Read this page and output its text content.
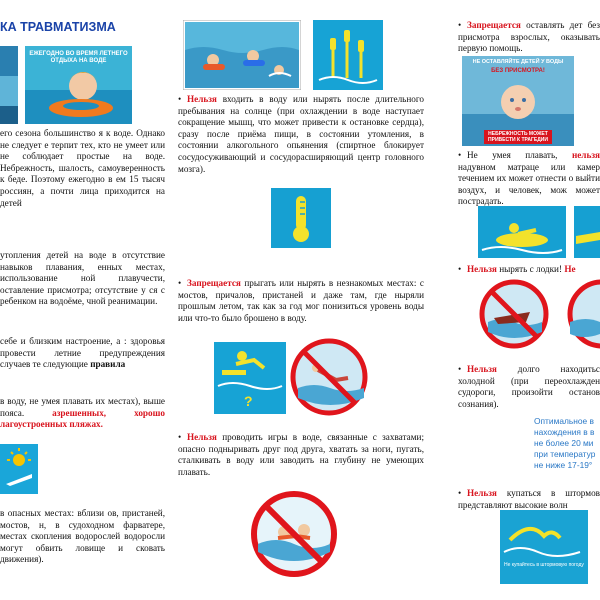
КА ТРАВМАТИЗМА
ЕЖЕГОДНО ВО ВРЕМЯ ЛЕТНЕГО ОТДЫХА НА ВОДЕ

его сезона большинство я к воде. Однако не следует е терпит тех, кто не умеет или не соблюдает простые на воде. Небрежность, шалость, самоуверенность к беде. Поэтому ежегодно в ем 15 тысяч россиян, а почти лица приходится на детей

утопления детей на воде в отсутствие навыков плавания, енных местах, использование ной плавучести, оставление присмотра; отсутствие у ся с ребенком на водоёме, чной реанимации.

себе и близким настроение, а : здоровья провести летние предупреждения случаев те следующие правила

в воду, не умея плавать их местах), выше пояса.	азрешенных, хорошо лагоустроенных пляжах.

в опасных местах: вблизи ов, пристаней, мостов, н, в судоходном фарватере, местах скопления водорослей водоросли могут обвить ловище и сковать движения).

• Нельзя входить в воду или нырять после длительного пребывания на солнце (при охлаждении в воде наступает сокращение мышц, что может привести к остановке сердца), сразу после приёма пищи, в состоянии утомления, в состоянии алкогольного опьянения (спиртное блокирует сосудосуживающий и сосудорасширяющий центр головного мозга).

• Запрещается прыгать или нырять в незнакомых местах: с мостов, причалов, пристаней и даже там, где ныряли прошлым летом, так как за год мог понизиться уровень воды или что-то было брошено в воду.

?

• Нельзя проводить игры в воде, связанные с захватами; опасно подныривать друг под друга, хватать за ноги, пугать, сталкивать в воду или заводить на глубину не умеющих плавать.

• Запрещается оставлять дет без присмотра взрослых, оказывать первую помощь.

НЕ ОСТАВЛЯЙТЕ ДЕТЕЙ У ВОДЫ
БЕЗ ПРИСМОТРА!
НЕБРЕЖНОСТЬ МОЖЕТ ПРИВЕСТИ К ТРАГЕДИИ

• Не умея плавать, нельзя надувном матраце или камер течением их может отнести о выйти воздух, и человек, мож может пострадать.

• Нельзя нырять с лодки! Не

• Нельзя долго находитьс холодной (при переохлажден судороги, произойти останов сознания).

Оптимальное в нахождения в в не более 20 ми при температур не ниже 17-19°

• Нельзя купаться в штормов представляют высокие волн

Не купайтесь в штормовую погоду
